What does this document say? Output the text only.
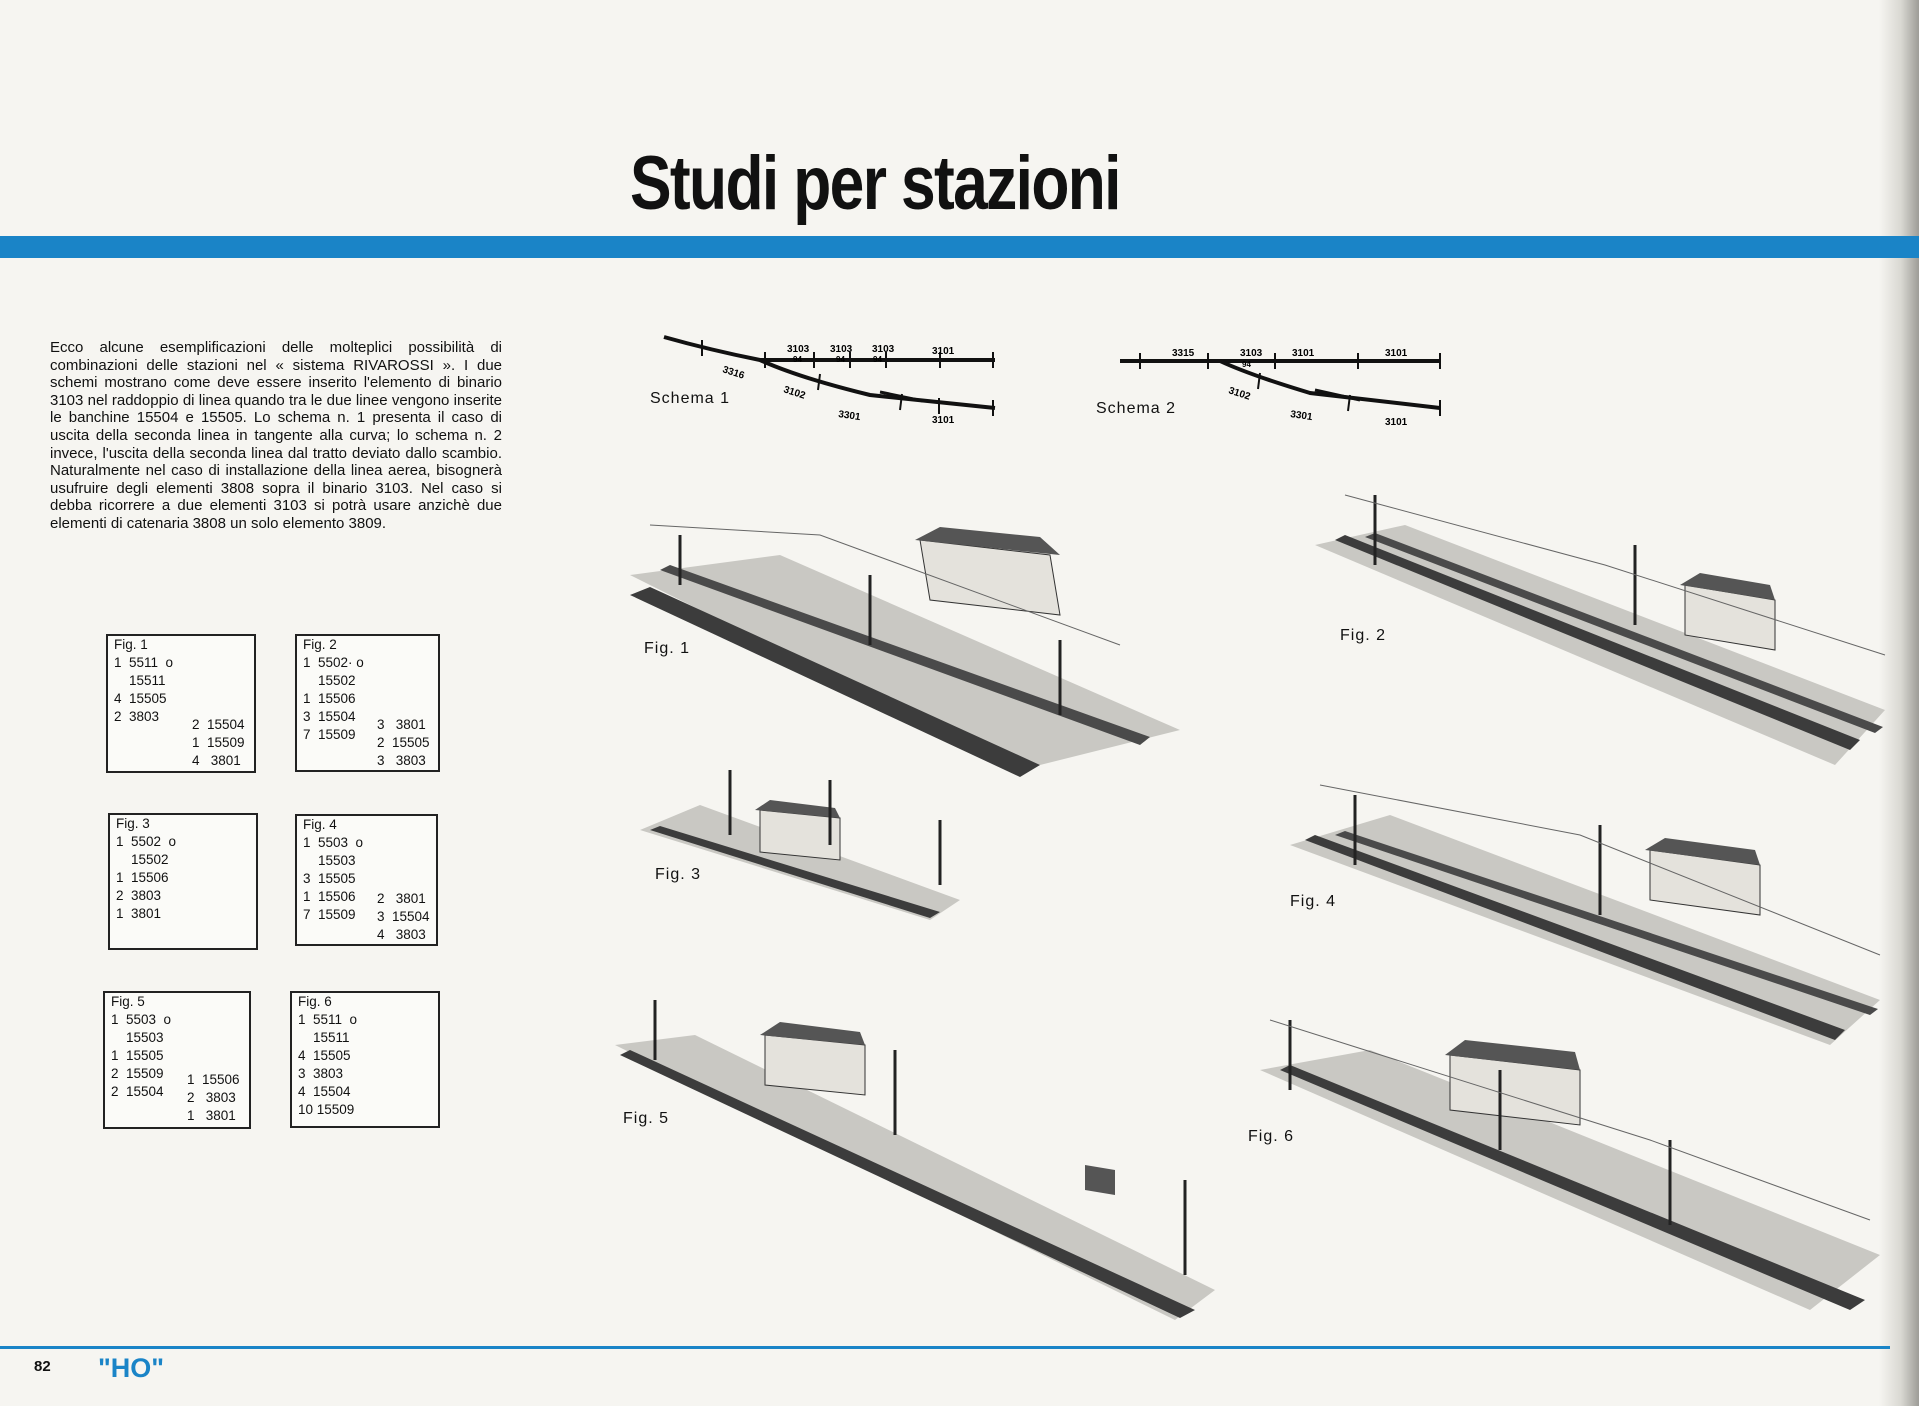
Studi per stazioni
Ecco alcune esemplificazioni delle molteplici possibilità di combinazioni delle stazioni nel « sistema RIVAROSSI ». I due schemi mostrano come deve essere inserito l'elemento di binario 3103 nel raddoppio di linea quando tra le due linee vengono inserite le banchine 15504 e 15505. Lo schema n. 1 presenta il caso di uscita della seconda linea in tangente alla curva; lo schema n. 2 invece, l'uscita della seconda linea dal tratto deviato dallo scambio. Naturalmente nel caso di installazione della linea aerea, bisognerà usufruire degli elementi 3808 sopra il binario 3103. Nel caso si debba ricorrere a due elementi 3103 si potrà usare anzichè due elementi di catenaria 3808 un solo elemento 3809.
Fig. 1
1  5511  o
15511
4  15505
2  3803
2  15504
1  15509
4   3801
Fig. 2
1  5502· o
15502
1  15506
3  15504
7  15509
3   3801
2  15505
3   3803
Fig. 3
1  5502  o
15502
1  15506
2  3803
1  3801
Fig. 4
1  5503  o
15503
3  15505
1  15506
7  15509
2   3801
3  15504
4   3803
Fig. 5
1  5503  o
15503
1  15505
2  15509
2  15504
1  15506
2   3803
1   3801
Fig. 6
1  5511  o
15511
4  15505
3  3803
4  15504
10 15509
3103 3103 3103	3101
94	94	94
3316
3102
3301	3101
Schema 1
3315	3103	3101	3101
94
3102
3301	3101
Schema 2
Fig. 1
Fig. 2
Fig. 3
Fig. 4
Fig. 5
Fig. 6
82 "HO"
